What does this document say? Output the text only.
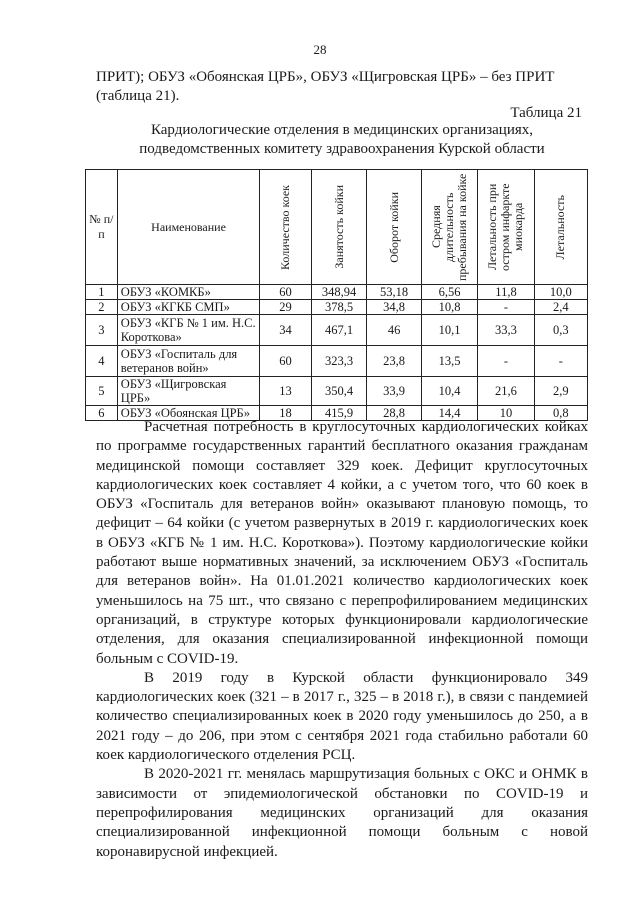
28
ПРИТ); ОБУЗ «Обоянская ЦРБ», ОБУЗ «Щигровская ЦРБ» – без ПРИТ
(таблица 21).
Таблица 21
Кардиологические отделения в медицинских организациях,
подведомственных комитету здравоохранения Курской области
№ п/п	Наименование	Количество коек	Занятость койки	Оборот койки	Средняя длительность пребывания на койке	Летальность при остром инфаркте миокарда	Летальность

1	ОБУЗ «КОМКБ»	60	348,94	53,18	6,56	11,8	10,0
2	ОБУЗ «КГКБ СМП»	29	378,5	34,8	10,8	-	2,4
3	ОБУЗ «КГБ № 1 им. Н.С. Короткова»	34	467,1	46	10,1	33,3	0,3
4	ОБУЗ «Госпиталь для ветеранов войн»	60	323,3	23,8	13,5	-	-
5	ОБУЗ «Щигровская ЦРБ»	13	350,4	33,9	10,4	21,6	2,9
6	ОБУЗ «Обоянская ЦРБ»	18	415,9	28,8	14,4	10	0,8

Расчетная потребность в круглосуточных кардиологических койках по программе государственных гарантий бесплатного оказания гражданам медицинской помощи составляет 329 коек. Дефицит круглосуточных кардиологических коек составляет 4 койки, а с учетом того, что 60 коек в ОБУЗ «Госпиталь для ветеранов войн» оказывают плановую помощь, то дефицит – 64 койки (с учетом развернутых в 2019 г. кардиологических коек в ОБУЗ «КГБ № 1 им. Н.С. Короткова»). Поэтому кардиологические койки работают выше нормативных значений, за исключением ОБУЗ «Госпиталь для ветеранов войн». На 01.01.2021 количество кардиологических коек уменьшилось на 75 шт., что связано с перепрофилированием медицинских организаций, в структуре которых функционировали кардиологические отделения, для оказания специализированной инфекционной помощи больным с COVID-19.

В 2019 году в Курской области функционировало 349 кардиологических коек (321 – в 2017 г., 325 – в 2018 г.), в связи с пандемией количество специализированных коек в 2020 году уменьшилось до 250, а в 2021 году – до 206, при этом с сентября 2021 года стабильно работали 60 коек кардиологического отделения РСЦ.

В 2020-2021 гг. менялась маршрутизация больных с ОКС и ОНМК в зависимости от эпидемиологической обстановки по COVID-19 и перепрофилирования медицинских организаций для оказания специализированной инфекционной помощи больным с новой коронавирусной инфекцией.
